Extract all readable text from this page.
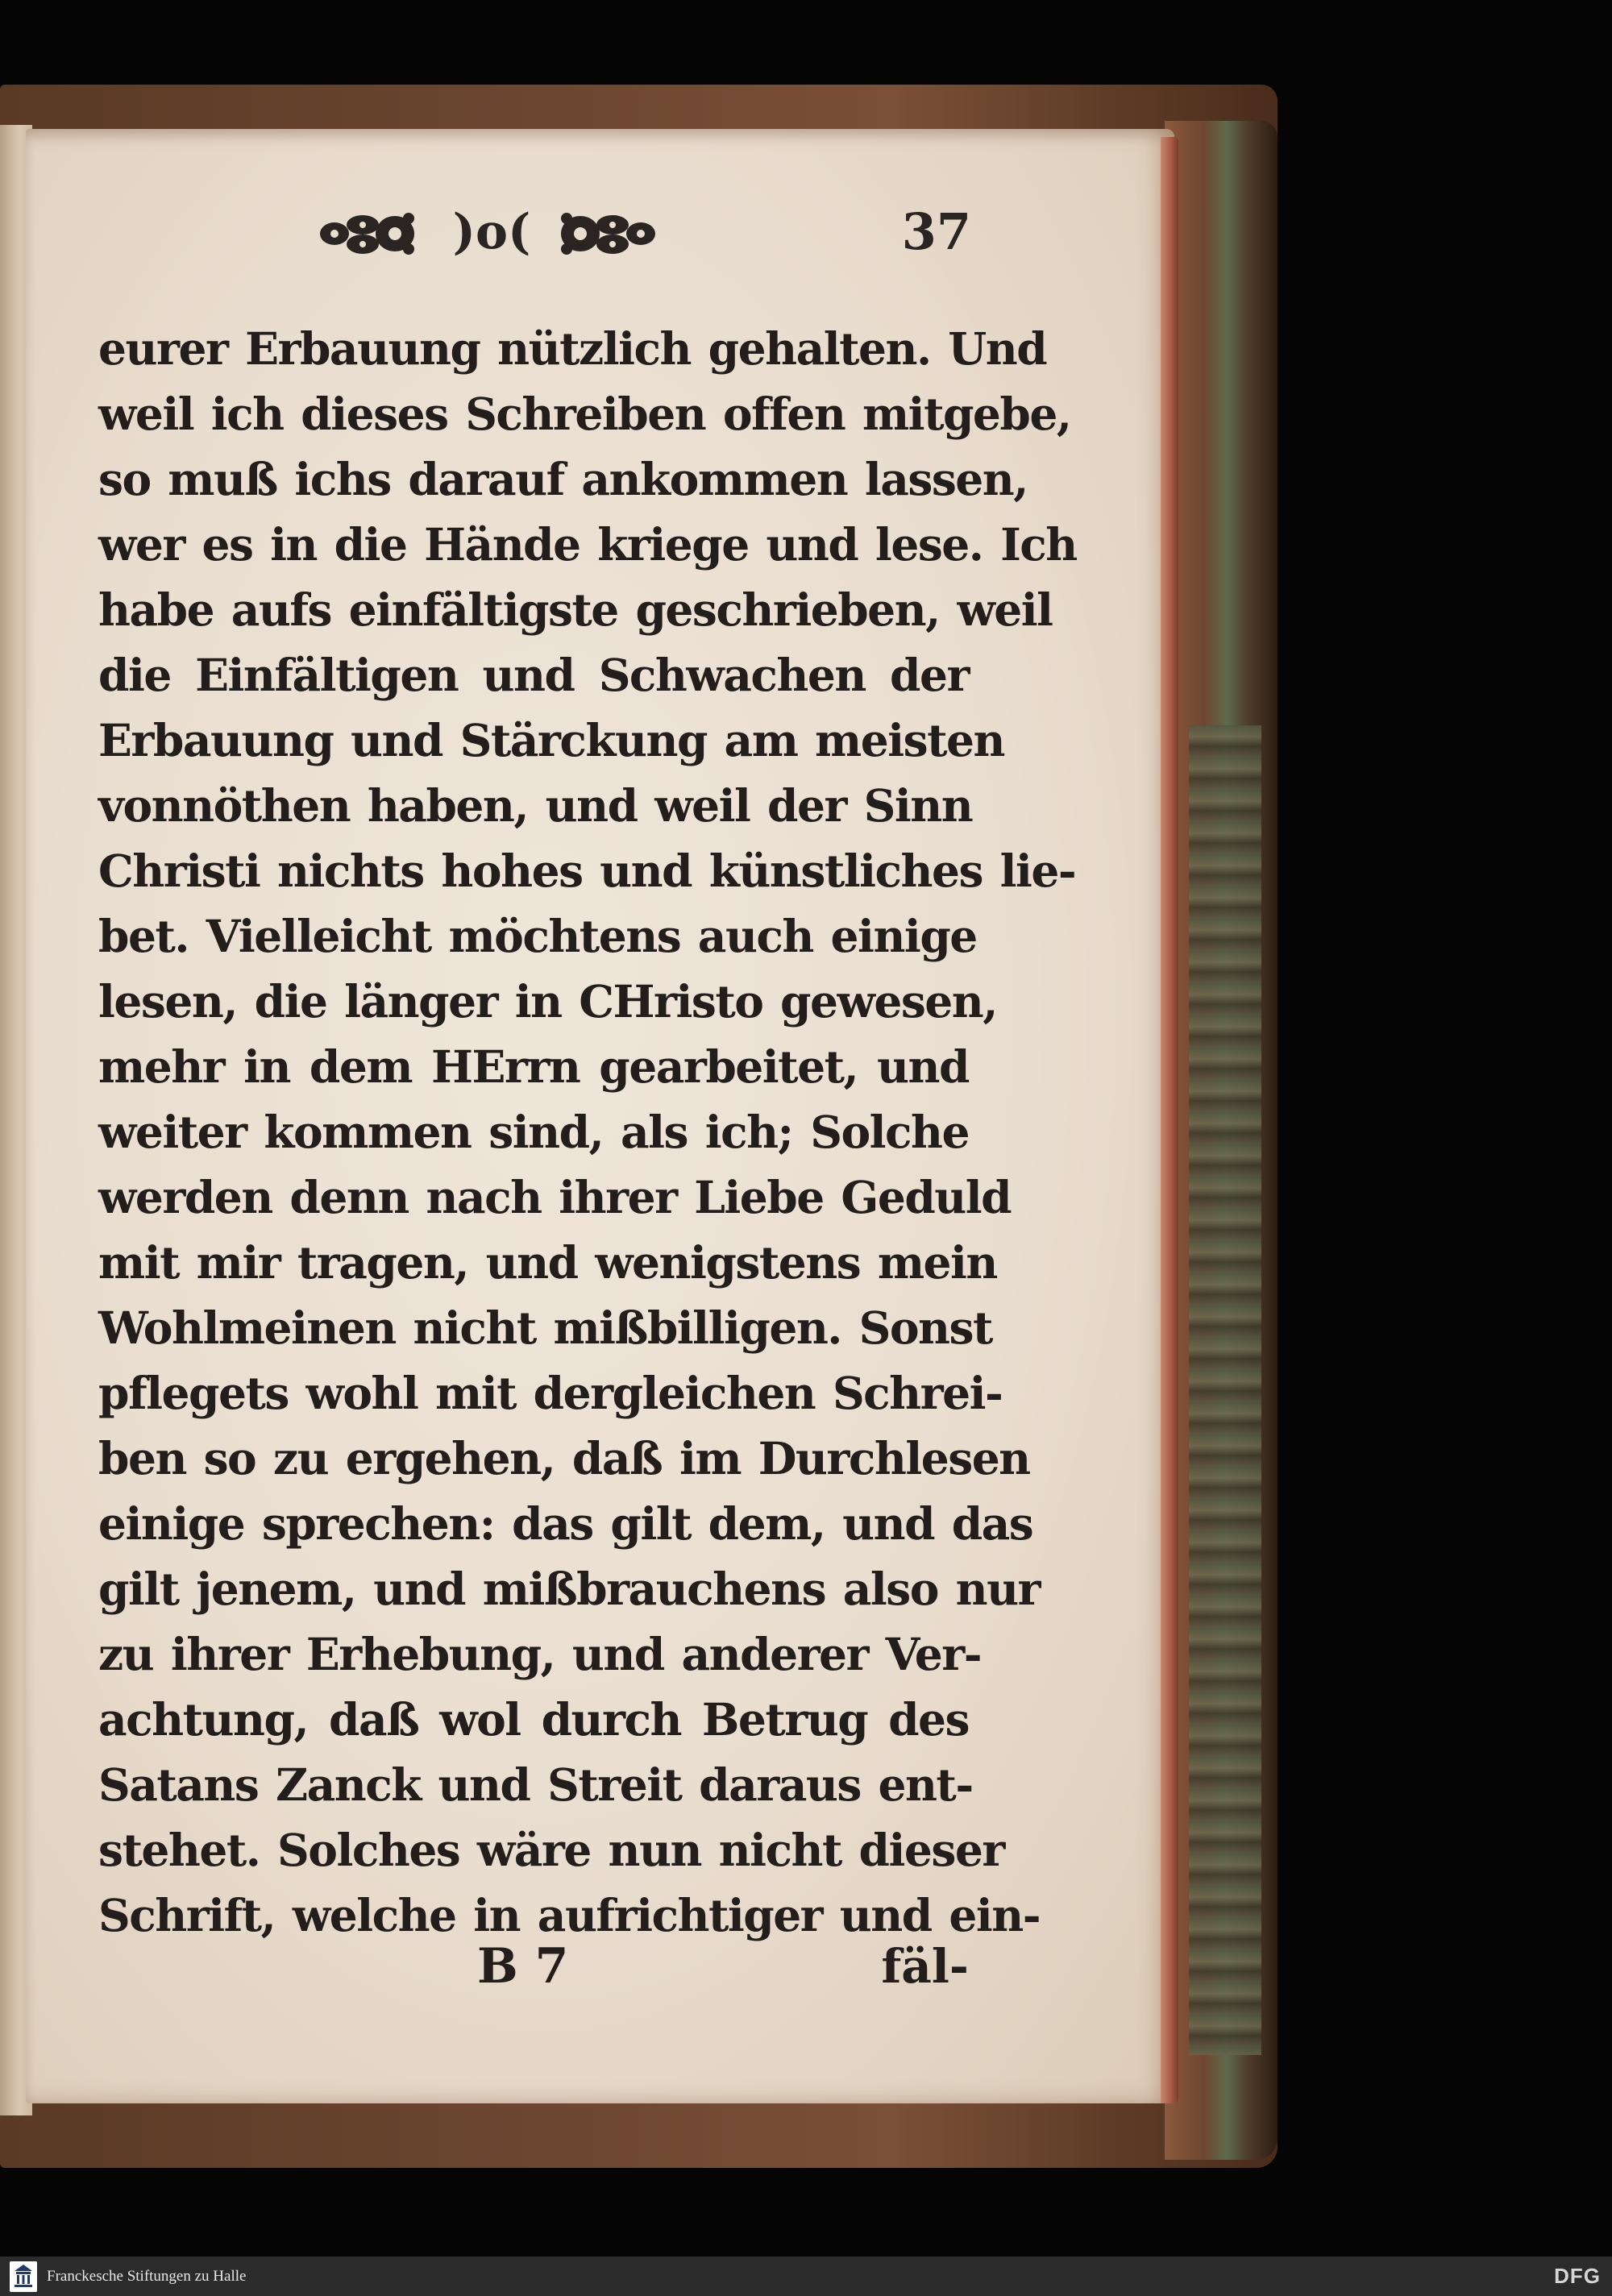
)o(	37
eurer Erbauung nützlich gehalten. Und
weil ich dieses Schreiben offen mitgebe,
so muß ichs darauf ankommen lassen,
wer es in die Hände kriege und lese. Ich
habe aufs einfältigste geschrieben, weil
die Einfältigen und Schwachen der
Erbauung und Stärckung am meisten
vonnöthen haben, und weil der Sinn
Christi nichts hohes und künstliches lie-
bet. Vielleicht möchtens auch einige
lesen, die länger in CHristo gewesen,
mehr in dem HErrn gearbeitet, und
weiter kommen sind, als ich; Solche
werden denn nach ihrer Liebe Geduld
mit mir tragen, und wenigstens mein
Wohlmeinen nicht mißbilligen. Sonst
pflegets wohl mit dergleichen Schrei-
ben so zu ergehen, daß im Durchlesen
einige sprechen: das gilt dem, und das
gilt jenem, und mißbrauchens also nur
zu ihrer Erhebung, und anderer Ver-
achtung, daß wol durch Betrug des
Satans Zanck und Streit daraus ent-
stehet. Solches wäre nun nicht dieser
Schrift, welche in aufrichtiger und ein-
B 7	fäl-
Franckesche Stiftungen zu Halle	DFG
